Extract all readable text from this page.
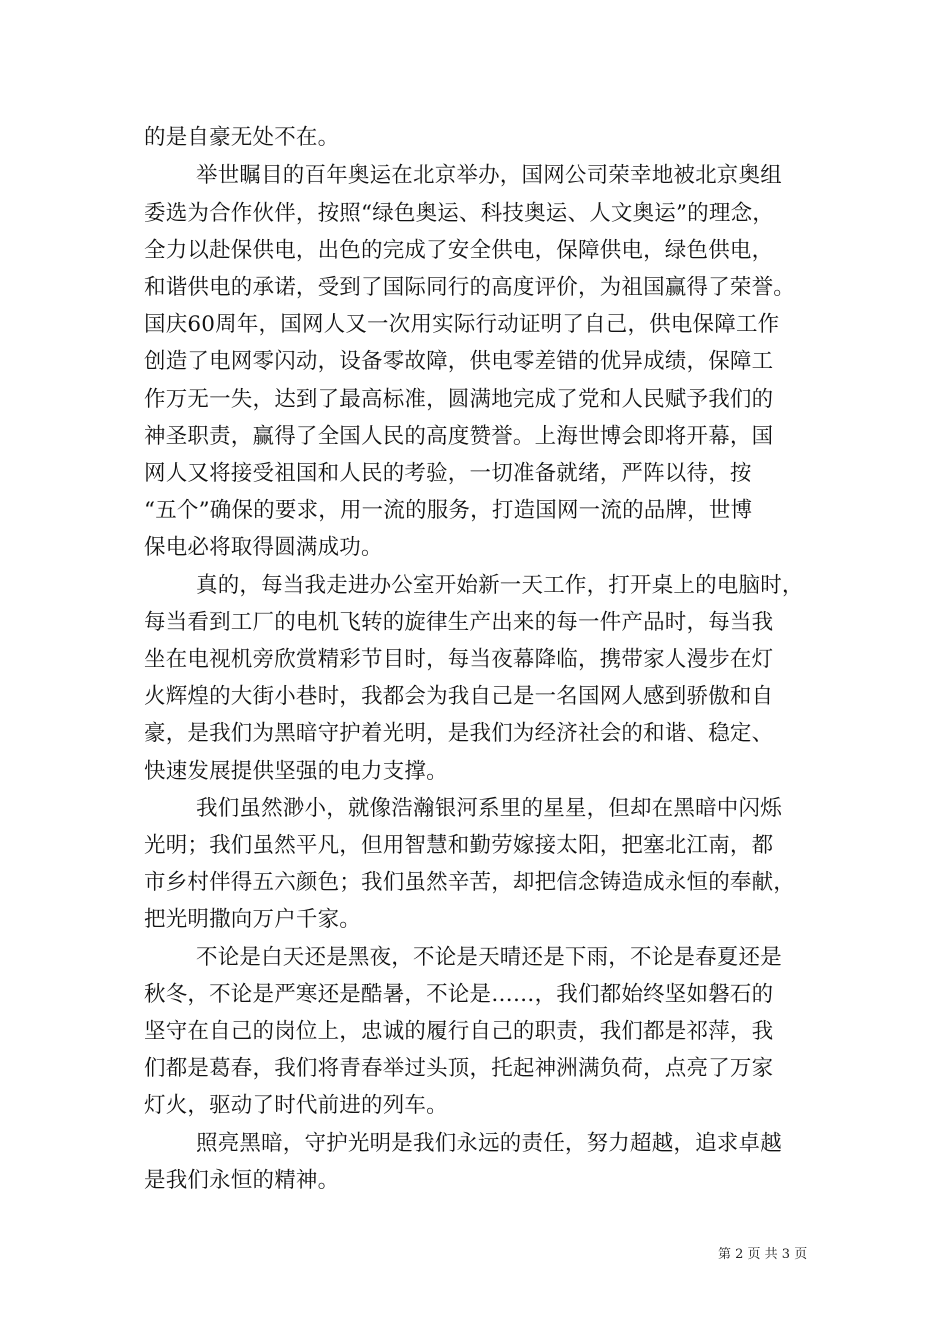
的是自豪无处不在。
举世瞩目的百年奥运在北京举办，国网公司荣幸地被北京奥组
委选为合作伙伴，按照“绿色奥运、科技奥运、人文奥运”的理念，
全力以赴保供电，出色的完成了安全供电，保障供电，绿色供电，
和谐供电的承诺，受到了国际同行的高度评价，为祖国赢得了荣誉。
国庆60周年，国网人又一次用实际行动证明了自己，供电保障工作
创造了电网零闪动，设备零故障，供电零差错的优异成绩，保障工
作万无一失，达到了最高标准，圆满地完成了党和人民赋予我们的
神圣职责，赢得了全国人民的高度赞誉。上海世博会即将开幕，国
网人又将接受祖国和人民的考验，一切准备就绪，严阵以待，按
“五个”确保的要求，用一流的服务，打造国网一流的品牌，世博
保电必将取得圆满成功。
真的，每当我走进办公室开始新一天工作，打开桌上的电脑时，
每当看到工厂的电机飞转的旋律生产出来的每一件产品时，每当我
坐在电视机旁欣赏精彩节目时，每当夜幕降临，携带家人漫步在灯
火辉煌的大街小巷时，我都会为我自己是一名国网人感到骄傲和自
豪，是我们为黑暗守护着光明，是我们为经济社会的和谐、稳定、
快速发展提供坚强的电力支撑。
我们虽然渺小，就像浩瀚银河系里的星星，但却在黑暗中闪烁
光明；我们虽然平凡，但用智慧和勤劳嫁接太阳，把塞北江南，都
市乡村伴得五六颜色；我们虽然辛苦，却把信念铸造成永恒的奉献，
把光明撒向万户千家。
不论是白天还是黑夜，不论是天晴还是下雨，不论是春夏还是
秋冬，不论是严寒还是酷暑，不论是……，我们都始终坚如磐石的
坚守在自己的岗位上，忠诚的履行自己的职责，我们都是祁萍，我
们都是葛春，我们将青春举过头顶，托起神洲满负荷，点亮了万家
灯火，驱动了时代前进的列车。
照亮黑暗，守护光明是我们永远的责任，努力超越，追求卓越
是我们永恒的精神。
第 2 页 共 3 页
